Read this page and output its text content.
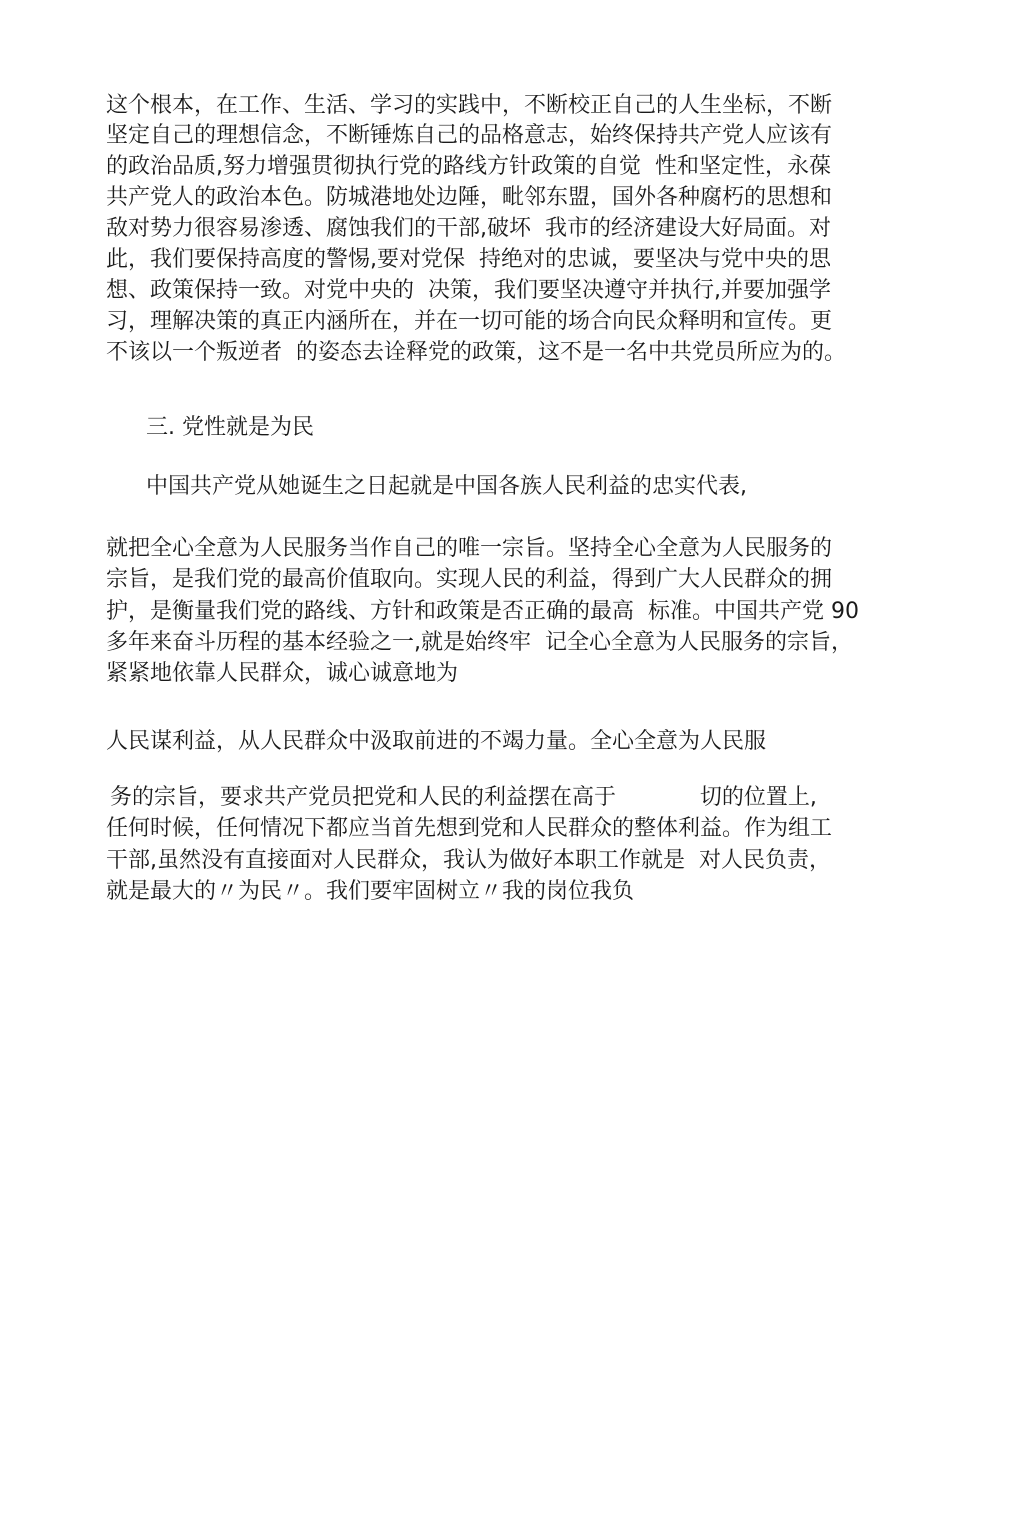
这个根本，在工作、生活、学习的实践中，不断校正自己的人生坐标，不断
坚定自己的理想信念，不断锤炼自己的品格意志，始终保持共产党人应该有
的政治品质,努力增强贯彻执行党的路线方针政策的自觉  性和坚定性，永葆
共产党人的政治本色。防城港地处边陲，毗邻东盟，国外各种腐朽的思想和
敌对势力很容易渗透、腐蚀我们的干部,破坏  我市的经济建设大好局面。对
此，我们要保持高度的警惕,要对党保  持绝对的忠诚，要坚决与党中央的思
想、政策保持一致。对党中央的  决策，我们要坚决遵守并执行,并要加强学
习，理解决策的真正内涵所在，并在一切可能的场合向民众释明和宣传。更
不该以一个叛逆者  的姿态去诠释党的政策，这不是一名中共党员所应为的。
三. 党性就是为民
中国共产党从她诞生之日起就是中国各族人民利益的忠实代表,
就把全心全意为人民服务当作自己的唯一宗旨。坚持全心全意为人民服务的
宗旨，是我们党的最高价值取向。实现人民的利益，得到广大人民群众的拥
护，是衡量我们党的路线、方针和政策是否正确的最高  标准。中国共产党 90
多年来奋斗历程的基本经验之一,就是始终牢  记全心全意为人民服务的宗旨，
紧紧地依靠人民群众，诚心诚意地为
人民谋利益，从人民群众中汲取前进的不竭力量。全心全意为人民服
务的宗旨，要求共产党员把党和人民的利益摆在高于            切的位置上,
任何时候，任何情况下都应当首先想到党和人民群众的整体利益。作为组工
干部,虽然没有直接面对人民群众，我认为做好本职工作就是  对人民负责，
就是最大的〃为民〃。我们要牢固树立〃我的岗位我负
